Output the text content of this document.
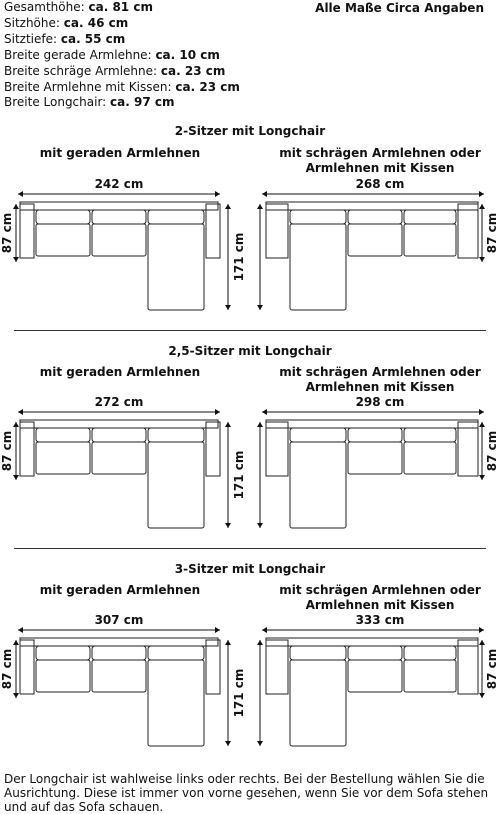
Gesamthöhe: ca. 81 cm
Sitzhöhe: ca. 46 cm
Sitztiefe: ca. 55 cm
Breite gerade Armlehne: ca. 10 cm
Breite schräge Armlehne: ca. 23 cm
Breite Armlehne mit Kissen: ca. 23 cm
Breite Longchair: ca. 97 cm
Alle Maße Circa Angaben
2-Sitzer mit Longchair
mit geraden Armlehnen	mit schrägen Armlehnen oder Armlehnen mit Kissen
242 cm
87 cm	171 cm
268 cm
87 cm
2,5-Sitzer mit Longchair
mit geraden Armlehnen	mit schrägen Armlehnen oder Armlehnen mit Kissen
272 cm
87 cm	171 cm
298 cm
87 cm
3-Sitzer mit Longchair
mit geraden Armlehnen	mit schrägen Armlehnen oder Armlehnen mit Kissen
307 cm
87 cm	171 cm
333 cm
87 cm
Der Longchair ist wahlweise links oder rechts. Bei der Bestellung wählen Sie die Ausrichtung. Diese ist immer von vorne gesehen, wenn Sie vor dem Sofa stehen und auf das Sofa schauen.
